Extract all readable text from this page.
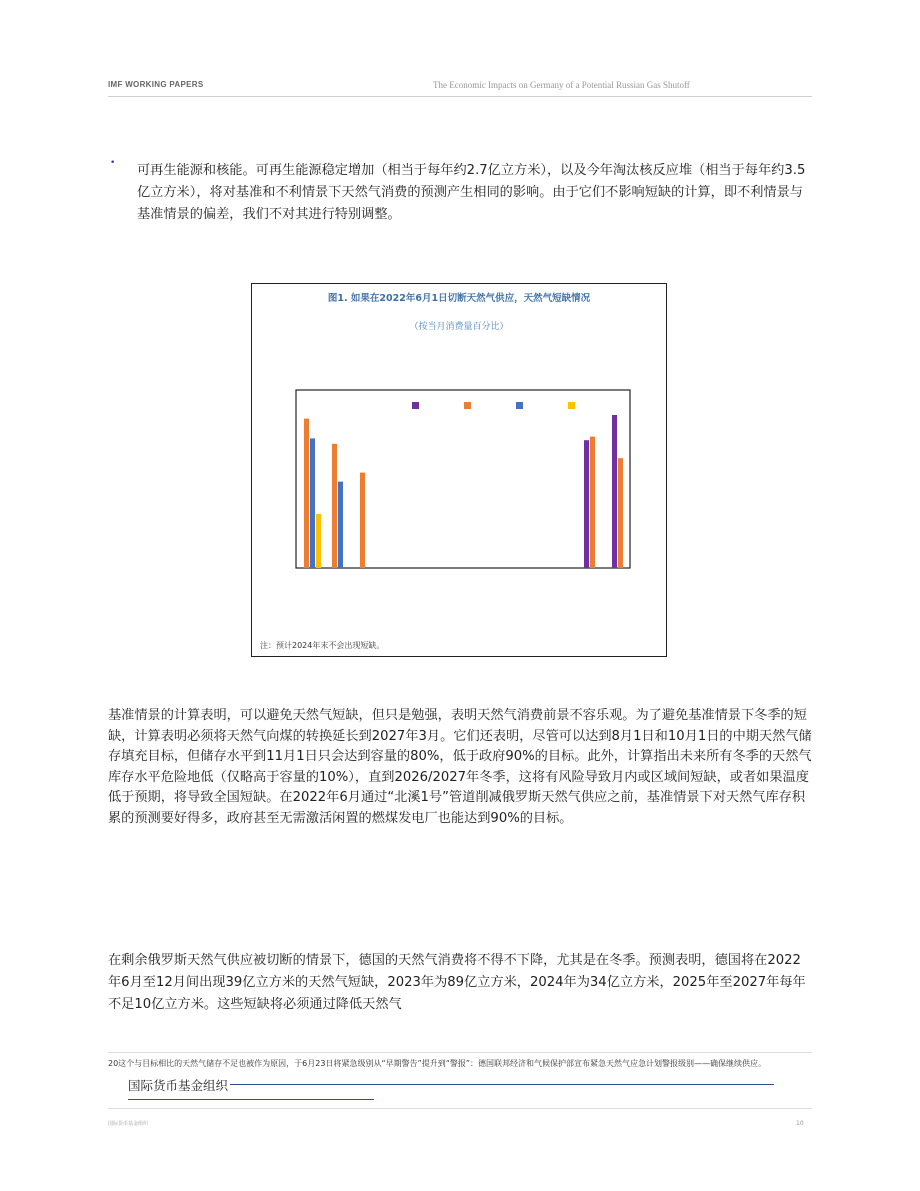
IMF WORKING PAPERS	The Economic Impacts on Germany of a Potential Russian Gas Shutoff
• 可再生能源和核能。可再生能源稳定增加（相当于每年约2.7亿立方米），以及今年淘汰核反应堆（相当于每年约3.5亿立方米），将对基准和不利情景下天然气消费的预测产生相同的影响。由于它们不影响短缺的计算，即不利情景与基准情景的偏差，我们不对其进行特别调整。
图1. 如果在2022年6月1日切断天然气供应，天然气短缺情况
（按当月消费量百分比）
注：预计2024年末不会出现短缺。
基准情景的计算表明，可以避免天然气短缺，但只是勉强，表明天然气消费前景不容乐观。为了避免基准情景下冬季的短缺，计算表明必须将天然气向煤的转换延长到2027年3月。它们还表明，尽管可以达到8月1日和10月1日的中期天然气储存填充目标，但储存水平到11月1日只会达到容量的80%，低于政府90%的目标。此外，计算指出未来所有冬季的天然气库存水平危险地低（仅略高于容量的10%），直到2026/2027年冬季，这将有风险导致月内或区域间短缺，或者如果温度低于预期，将导致全国短缺。在2022年6月通过“北溪1号”管道削减俄罗斯天然气供应之前，基准情景下对天然气库存积累的预测要好得多，政府甚至无需激活闲置的燃煤发电厂也能达到90%的目标。
在剩余俄罗斯天然气供应被切断的情景下，德国的天然气消费将不得不下降，尤其是在冬季。预测表明，德国将在2022年6月至12月间出现39亿立方米的天然气短缺，2023年为89亿立方米，2024年为34亿立方米，2025年至2027年每年不足10亿立方米。这些短缺将必须通过降低天然气
20这个与目标相比的天然气储存不足也被作为原因，于6月23日将紧急级别从“早期警告”提升到“警报”：德国联邦经济和气候保护部宣布紧急天然气应急计划警报级别——确保继续供应。
国际货币基金组织
国际货币基金组织	10
